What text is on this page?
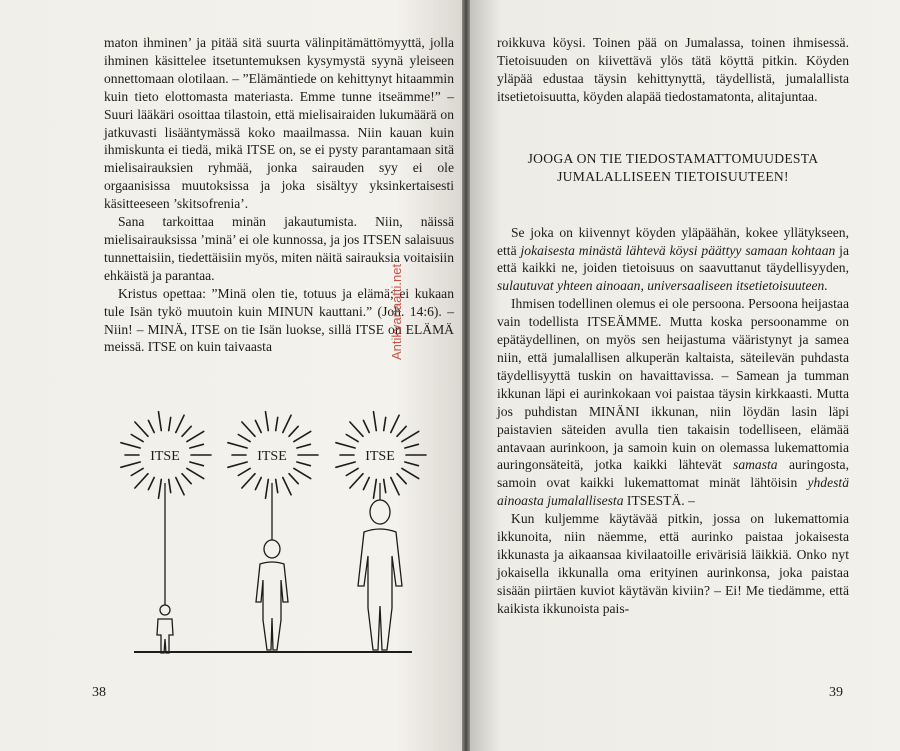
maton ihminen’ ja pitää sitä suurta välinpitämättömyyttä, jolla ihminen käsittelee itsetuntemuksen kysymystä syynä yleiseen onnettomaan olotilaan. – ”Elämäntiede on kehittynyt hitaammin kuin tieto elottomasta materiasta. Emme tunne itseämme!” – Suuri lääkäri osoittaa tilastoin, että mielisairaiden lukumäärä on jatkuvasti lisääntymässä koko maailmassa. Niin kauan kuin ihmiskunta ei tiedä, mikä ITSE on, se ei pysty parantamaan sitä mielisairauksien ryhmää, jonka sairauden syy ei ole orgaanisissa muutoksissa ja joka sisältyy yksinkertaisesti käsitteeseen ’skitsofrenia’.

Sana tarkoittaa minän jakautumista. Niin, näissä mielisairauksissa ’minä’ ei ole kunnossa, ja jos ITSEN salaisuus tunnettaisiin, tiedettäisiin myös, miten näitä sairauksia voitaisiin ehkäistä ja parantaa.

Kristus opettaa: ”Minä olen tie, totuus ja elämä; ei kukaan tule Isän tykö muutoin kuin MINUN kauttani.” (Joh. 14:6). – Niin! – MINÄ, ITSE on tie Isän luokse, sillä ITSE on ELÄMÄ meissä. ITSE on kuin taivaasta

ITSE	ITSE	ITSE
Antikvariaatti.net
38

roikkuva köysi. Toinen pää on Jumalassa, toinen ihmisessä. Tietoisuuden on kiivettävä ylös tätä köyttä pitkin. Köyden yläpää edustaa täysin kehittynyttä, täydellistä, jumalallista itsetietoisuutta, köyden alapää tiedostamatonta, alitajuntaa.

JOOGA ON TIE TIEDOSTAMATTOMUUDESTA
JUMALALLISEEN TIETOISUUTEEN!

Se joka on kiivennyt köyden yläpäähän, kokee yllätykseen, että jokaisesta minästä lähtevä köysi päättyy samaan kohtaan ja että kaikki ne, joiden tietoisuus on saavuttanut täydellisyyden, sulautuvat yhteen ainoaan, universaaliseen itsetietoisuuteen.

Ihmisen todellinen olemus ei ole persoona. Persoona heijastaa vain todellista ITSEÄMME. Mutta koska persoonamme on epätäydellinen, on myös sen heijastuma vääristynyt ja samea niin, että jumalallisen alkuperän kaltaista, säteilevän puhdasta täydellisyyttä tuskin on havaittavissa. – Samean ja tumman ikkunan läpi ei aurinkokaan voi paistaa täysin kirkkaasti. Mutta jos puhdistan MINÄNI ikkunan, niin löydän lasin läpi paistavien säteiden avulla tien takaisin todelliseen, elämää antavaan aurinkoon, ja samoin kuin on olemassa lukemattomia auringonsäteitä, jotka kaikki lähtevät samasta auringosta, samoin ovat kaikki lukemattomat minät lähtöisin yhdestä ainoasta jumalallisesta ITSESTÄ. –

Kun kuljemme käytävää pitkin, jossa on lukemattomia ikkunoita, niin näemme, että aurinko paistaa jokaisesta ikkunasta ja aikaansaa kivilaatoille erivärisiä läikkiä. Onko nyt jokaisella ikkunalla oma erityinen aurinkonsa, joka paistaa sisään piirtäen kuviot käytävän kiviin? – Ei! Me tiedämme, että kaikista ikkunoista pais-

39
